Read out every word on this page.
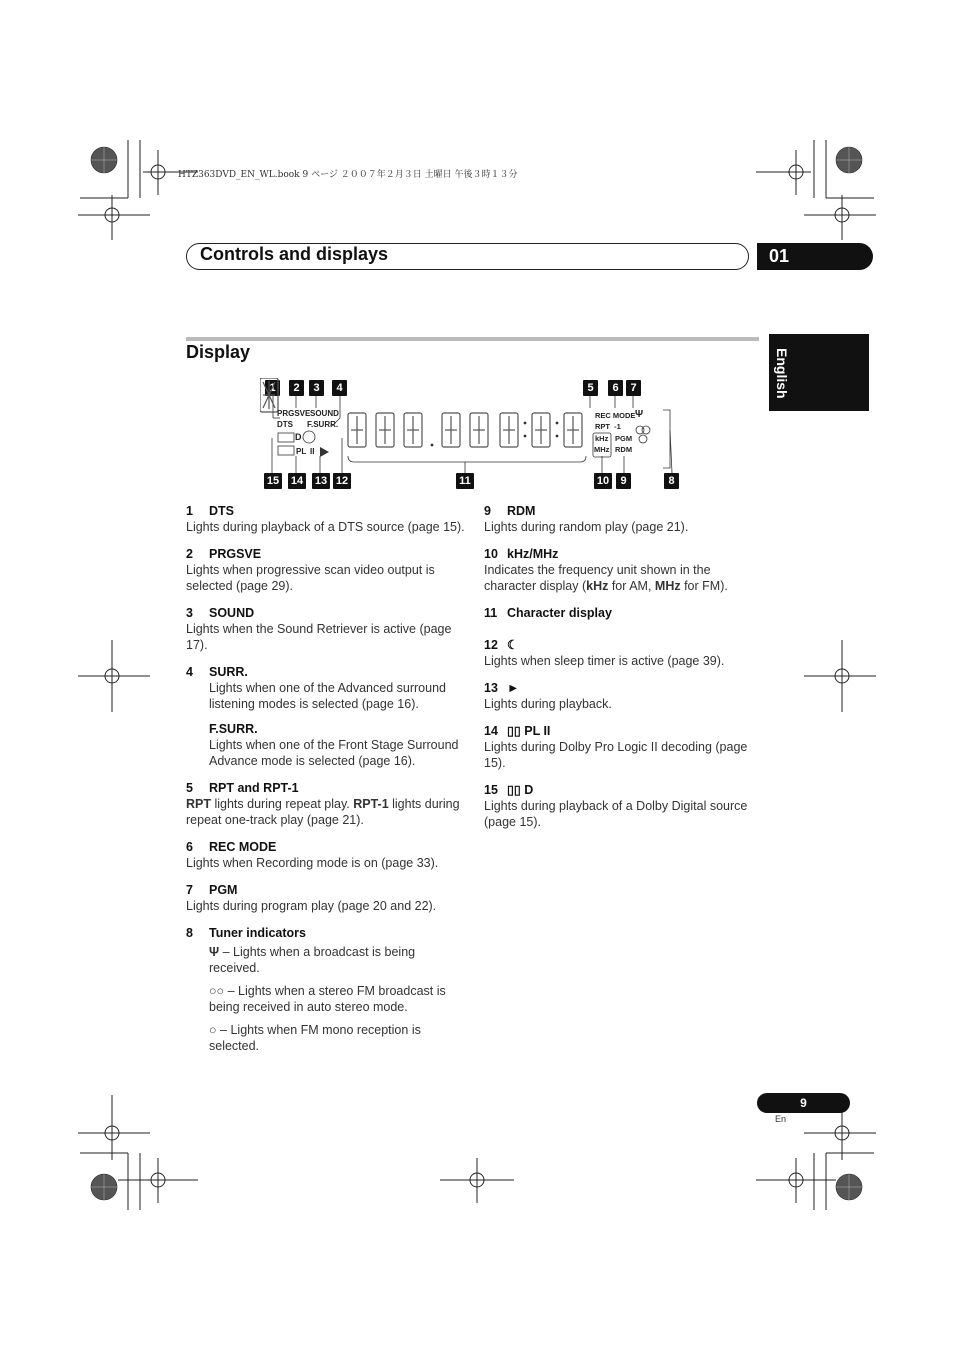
HTZ363DVD_EN_WL.book 9 ページ ２００７年２月３日 土曜日 午後３時１３分
Controls and displays	01
English
Display
1	2	3	4	5	6	7
15 14 13 12	11	10	9	8
PRGSVE
DTS
SOUND
F.SURR.
D
PL II
REC MODE
RPT  -1
kHz
MHz
PGM
RDM
Ψ
1 DTS
Lights during playback of a DTS source (page 15).
2 PRGSVE
Lights when progressive scan video output is selected (page 29).
3 SOUND
Lights when the Sound Retriever is active (page 17).
4 SURR.
Lights when one of the Advanced surround listening modes is selected (page 16).
F.SURR.
Lights when one of the Front Stage Surround Advance mode is selected (page 16).
5 RPT and RPT-1
RPT lights during repeat play. RPT-1 lights during repeat one-track play (page 21).
6 REC MODE
Lights when Recording mode is on (page 33).
7 PGM
Lights during program play (page 20 and 22).
8 Tuner indicators
Ψ – Lights when a broadcast is being received.
○○ – Lights when a stereo FM broadcast is being received in auto stereo mode.
○ – Lights when FM mono reception is selected.
9 RDM
Lights during random play (page 21).
10 kHz/MHz
Indicates the frequency unit shown in the character display (kHz for AM, MHz for FM).
11 Character display
12 ☾
Lights when sleep timer is active (page 39).
13 ►
Lights during playback.
14 ▯▯ PL II
Lights during Dolby Pro Logic II decoding (page 15).
15 ▯▯ D
Lights during playback of a Dolby Digital source (page 15).
9
En
